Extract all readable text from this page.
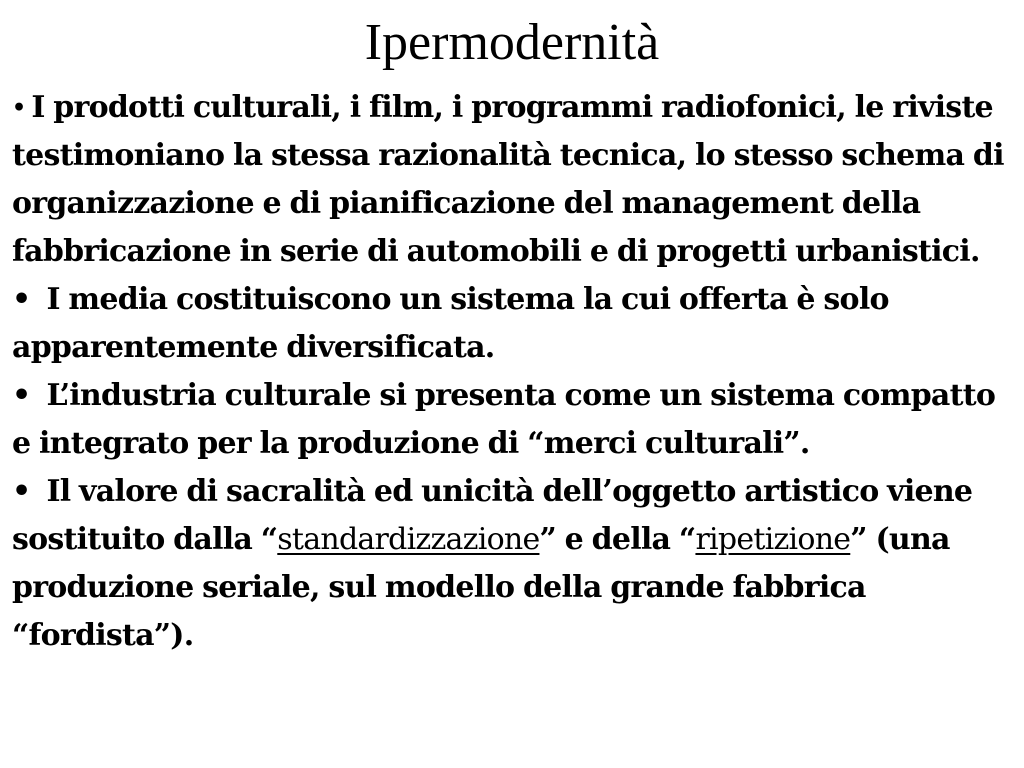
Ipermodernità

• I prodotti culturali, i film, i programmi radiofonici, le riviste testimoniano la stessa razionalità tecnica, lo stesso schema di organizzazione e di pianificazione del management della fabbricazione in serie di automobili e di progetti urbanistici.

• I media costituiscono un sistema la cui offerta è solo apparentemente diversificata.

• L’industria culturale si presenta come un sistema compatto e integrato per la produzione di “merci culturali”.

• Il valore di sacralità ed unicità dell’oggetto artistico viene sostituito dalla “standardizzazione” e della “ripetizione” (una produzione seriale, sul modello della grande fabbrica “fordista”).
